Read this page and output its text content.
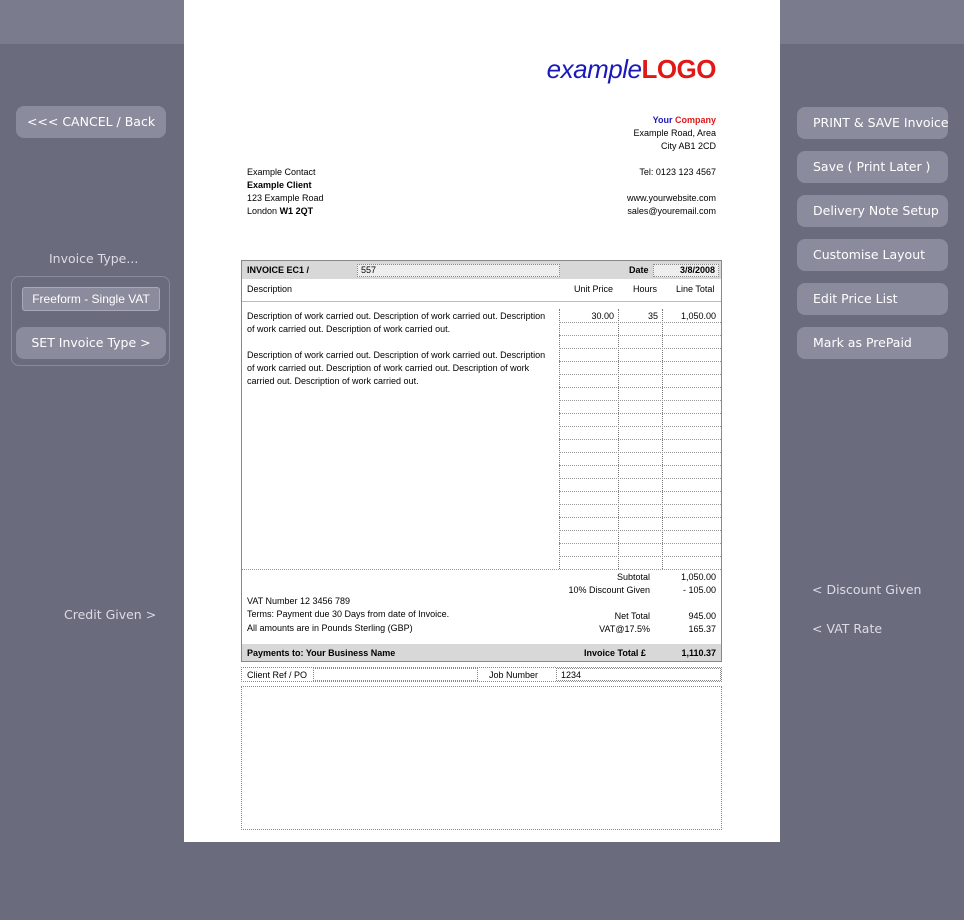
<<< CANCEL / Back
Invoice Type...
Freeform - Single VAT
SET Invoice Type >
Credit Given >
PRINT & SAVE Invoice
Save ( Print Later )
Delivery Note Setup
Customise Layout
Edit Price List
Mark as PrePaid
< Discount Given
< VAT Rate
exampleLOGO
Your Company
Example Road, Area
City AB1 2CD
Tel: 0123 123 4567
www.yourwebsite.com
sales@youremail.com
Example Contact
Example Client
123 Example Road
London W1 2QT
INVOICE EC1 /	557	Date	3/8/2008
Description	Unit Price Hours Line Total
Description of work carried out. Description of work carried out. Description of work carried out. Description of work carried out.
Description of work carried out. Description of work carried out. Description of work carried out. Description of work carried out. Description of work carried out. Description of work carried out.
30.00	35	1,050.00
Subtotal	1,050.00
10% Discount Given	- 105.00
VAT Number 12 3456 789
Terms: Payment due 30 Days from date of Invoice.	Net Total	945.00
All amounts are in Pounds Sterling (GBP)	VAT@17.5%	165.37
Payments to: Your Business Name	Invoice Total £	1,110.37
Client Ref / PO	Job Number	1234
